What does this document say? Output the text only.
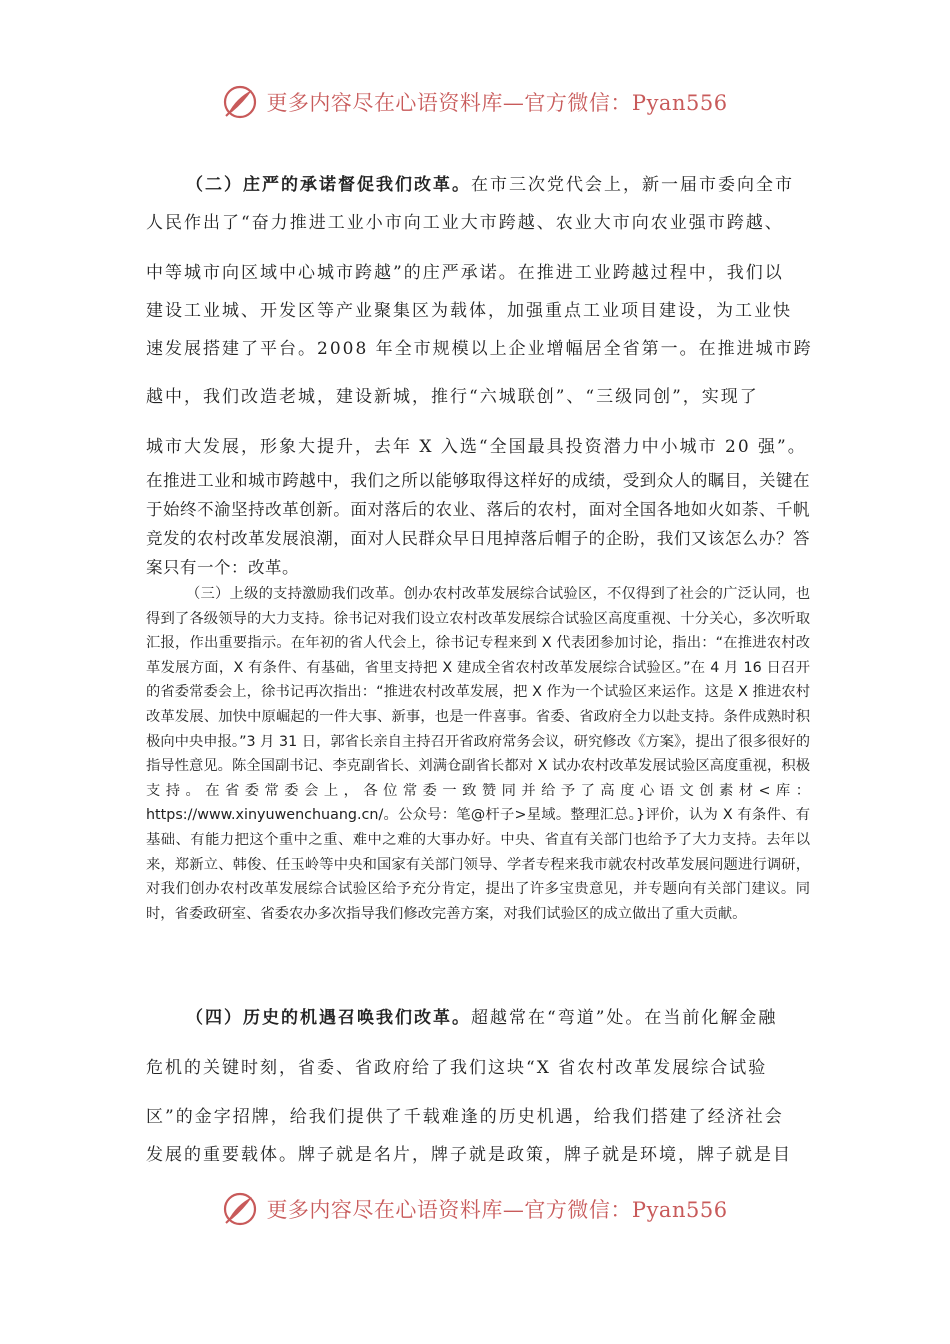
更多内容尽在心语资料库—官方微信：Pyan556
（二）庄严的承诺督促我们改革。在市三次党代会上，新一届市委向全市
人民作出了“奋力推进工业小市向工业大市跨越、农业大市向农业强市跨越、
中等城市向区域中心城市跨越”的庄严承诺。在推进工业跨越过程中，我们以
建设工业城、开发区等产业聚集区为载体，加强重点工业项目建设，为工业快
速发展搭建了平台。2008 年全市规模以上企业增幅居全省第一。在推进城市跨
越中，我们改造老城，建设新城，推行“六城联创”、“三级同创”，实现了
城市大发展，形象大提升，去年 X 入选“全国最具投资潜力中小城市 20 强”。

在推进工业和城市跨越中，我们之所以能够取得这样好的成绩，受到众人的瞩目，关键在于始终不渝坚持改革创新。面对落后的农业、落后的农村，面对全国各地如火如荼、千帆竞发的农村改革发展浪潮，面对人民群众早日甩掉落后帽子的企盼，我们又该怎么办？答案只有一个：改革。

（三）上级的支持激励我们改革。创办农村改革发展综合试验区，不仅得到了社会的广泛认同，也得到了各级领导的大力支持。徐书记对我们设立农村改革发展综合试验区高度重视、十分关心，多次听取汇报，作出重要指示。在年初的省人代会上，徐书记专程来到 X 代表团参加讨论，指出：“在推进农村改革发展方面，X 有条件、有基础，省里支持把 X 建成全省农村改革发展综合试验区。”在 4 月 16 日召开的省委常委会上，徐书记再次指出：“推进农村改革发展，把 X 作为一个试验区来运作。这是 X 推进农村改革发展、加快中原崛起的一件大事、新事，也是一件喜事。省委、省政府全力以赴支持。条件成熟时积极向中央申报。”3 月 31 日，郭省长亲自主持召开省政府常务会议，研究修改《方案》，提出了很多很好的指导性意见。陈全国副书记、李克副省长、刘满仓副省长都对 X 试办农村改革发展试验区高度重视，积极支持。在省委常委会上，各位常委一致赞同并给予了高度心语文创素材<库：https://www.xinyuwenchuang.cn/。公众号：笔@杆子>星域。整理汇总。}评价，认为 X 有条件、有基础、有能力把这个重中之重、难中之难的大事办好。中央、省直有关部门也给予了大力支持。去年以来，郑新立、韩俊、任玉岭等中央和国家有关部门领导、学者专程来我市就农村改革发展问题进行调研，对我们创办农村改革发展综合试验区给予充分肯定，提出了许多宝贵意见，并专题向有关部门建议。同时，省委政研室、省委农办多次指导我们修改完善方案，对我们试验区的成立做出了重大贡献。

（四）历史的机遇召唤我们改革。超越常在“弯道”处。在当前化解金融
危机的关键时刻，省委、省政府给了我们这块“X 省农村改革发展综合试验
区”的金字招牌，给我们提供了千载难逢的历史机遇，给我们搭建了经济社会
发展的重要载体。牌子就是名片，牌子就是政策，牌子就是环境，牌子就是目
更多内容尽在心语资料库—官方微信：Pyan556
